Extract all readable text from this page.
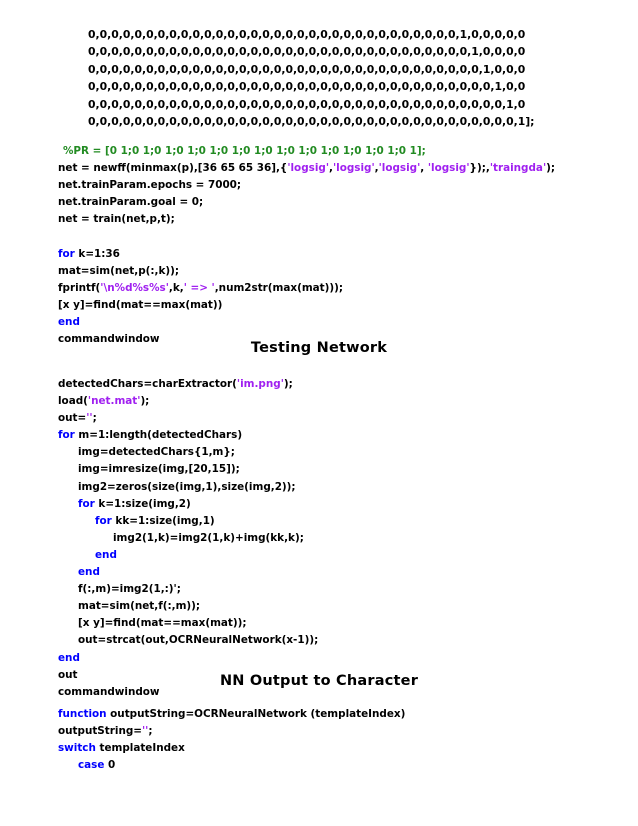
0,0,0,0,0,0,0,0,0,0,0,0,0,0,0,0,0,0,0,0,0,0,0,0,0,0,0,0,0,0,0,0,1,0,0,0,0,0
0,0,0,0,0,0,0,0,0,0,0,0,0,0,0,0,0,0,0,0,0,0,0,0,0,0,0,0,0,0,0,0,0,1,0,0,0,0
0,0,0,0,0,0,0,0,0,0,0,0,0,0,0,0,0,0,0,0,0,0,0,0,0,0,0,0,0,0,0,0,0,0,1,0,0,0
0,0,0,0,0,0,0,0,0,0,0,0,0,0,0,0,0,0,0,0,0,0,0,0,0,0,0,0,0,0,0,0,0,0,0,1,0,0
0,0,0,0,0,0,0,0,0,0,0,0,0,0,0,0,0,0,0,0,0,0,0,0,0,0,0,0,0,0,0,0,0,0,0,0,1,0
0,0,0,0,0,0,0,0,0,0,0,0,0,0,0,0,0,0,0,0,0,0,0,0,0,0,0,0,0,0,0,0,0,0,0,0,0,1];
%PR = [0 1;0 1;0 1;0 1;0 1;0 1;0 1;0 1;0 1;0 1;0 1;0 1;0 1;0 1];
net = newff(minmax(p),[36 65 65 36],{'logsig','logsig','logsig', 'logsig'});,'traingda');
net.trainParam.epochs = 7000;
net.trainParam.goal = 0;
net = train(net,p,t);
for k=1:36
mat=sim(net,p(:,k));
fprintf('\n%d%s%s',k,' => ',num2str(max(mat)));
[x y]=find(mat==max(mat))
end
commandwindow
Testing Network
detectedChars=charExtractor('im.png');
load('net.mat');
out='';
for m=1:length(detectedChars)
img=detectedChars{1,m};
img=imresize(img,[20,15]);
img2=zeros(size(img,1),size(img,2));
for k=1:size(img,2)
for kk=1:size(img,1)
img2(1,k)=img2(1,k)+img(kk,k);
end
end
f(:,m)=img2(1,:)';
mat=sim(net,f(:,m));
[x y]=find(mat==max(mat));
out=strcat(out,OCRNeuralNetwork(x-1));
end
out
commandwindow
NN Output to Character
function outputString=OCRNeuralNetwork (templateIndex)
outputString='';
switch templateIndex
case 0
